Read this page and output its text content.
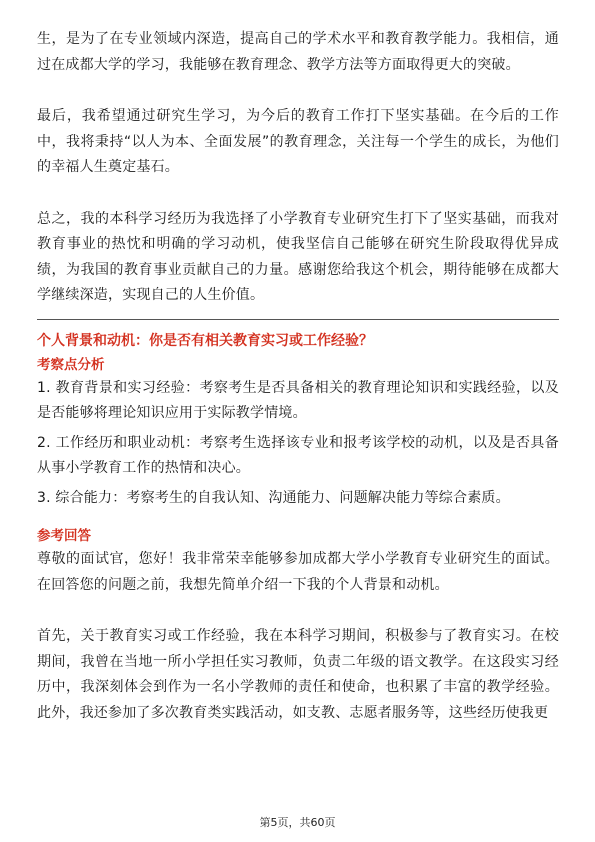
生，是为了在专业领域内深造，提高自己的学术水平和教育教学能力。我相信，通过在成都大学的学习，我能够在教育理念、教学方法等方面取得更大的突破。

最后，我希望通过研究生学习，为今后的教育工作打下坚实基础。在今后的工作中，我将秉持“以人为本、全面发展”的教育理念，关注每一个学生的成长，为他们的幸福人生奠定基石。

总之，我的本科学习经历为我选择了小学教育专业研究生打下了坚实基础，而我对教育事业的热忱和明确的学习动机，使我坚信自己能够在研究生阶段取得优异成绩，为我国的教育事业贡献自己的力量。感谢您给我这个机会，期待能够在成都大学继续深造，实现自己的人生价值。

个人背景和动机：你是否有相关教育实习或工作经验？
考察点分析

1. 教育背景和实习经验：考察考生是否具备相关的教育理论知识和实践经验，以及是否能够将理论知识应用于实际教学情境。

2. 工作经历和职业动机：考察考生选择该专业和报考该学校的动机，以及是否具备从事小学教育工作的热情和决心。

3. 综合能力：考察考生的自我认知、沟通能力、问题解决能力等综合素质。

参考回答

尊敬的面试官，您好！我非常荣幸能够参加成都大学小学教育专业研究生的面试。在回答您的问题之前，我想先简单介绍一下我的个人背景和动机。

首先，关于教育实习或工作经验，我在本科学习期间，积极参与了教育实习。在校期间，我曾在当地一所小学担任实习教师，负责二年级的语文教学。在这段实习经历中，我深刻体会到作为一名小学教师的责任和使命，也积累了丰富的教学经验。此外，我还参加了多次教育类实践活动，如支教、志愿者服务等，这些经历使我更

第5页，共60页
